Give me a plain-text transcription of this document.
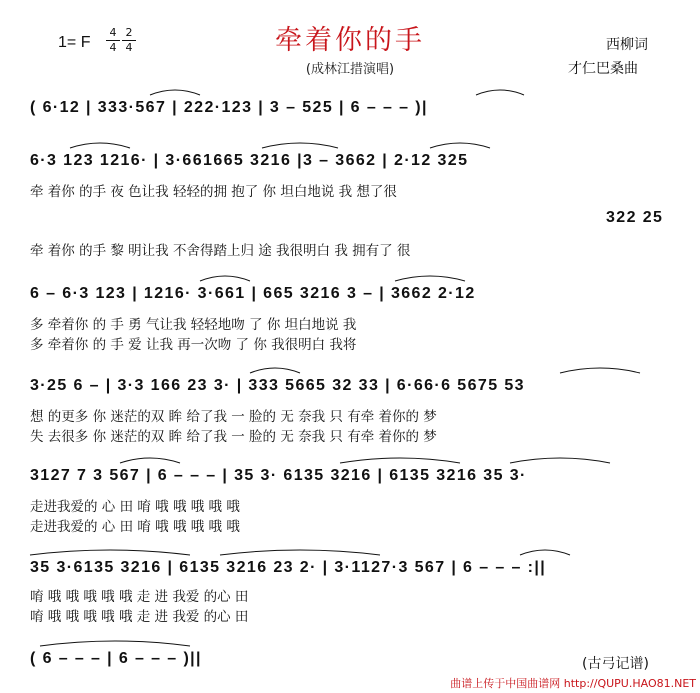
牵着你的手
(成林江措演唱)
1= F
4
4
2
4	西柳词
才仁巴桑曲
( 6·12 | 333·567 | 222·123 | 3 – 525 | 6 – – – )|
6·3 123 1216· | 3·661665 3216 |3 – 3662 | 2·12 325
牵 着你 的手 夜 色让我 轻轻的拥 抱了 你 坦白地说 我 想了很
322 25
牵 着你 的手 黎 明让我 不舍得踏上归 途 我很明白 我 拥有了 很
6 – 6·3 123 | 1216· 3·661 | 665 3216 3 – | 3662 2·12
多 牵着你 的 手 勇 气让我 轻轻地吻 了 你 坦白地说 我
多 牵着你 的 手 爱 让我 再一次吻 了 你 我很明白 我将
3·25 6 – | 3·3 166 23 3· | 333 5665 32 33 | 6·66·6 5675 53
想 的更多 你 迷茫的双 眸 给了我 一 脸的 无 奈我 只 有牵 着你的 梦
失 去很多 你 迷茫的双 眸 给了我 一 脸的 无 奈我 只 有牵 着你的 梦
3127 7 3 567 | 6 – – – | 35 3· 6135 3216 | 6135 3216 35 3·
走进我爱的 心 田 唷 哦 哦 哦 哦 哦
走进我爱的 心 田 唷 哦 哦 哦 哦 哦
35 3·6135 3216 | 6135 3216 23 2· | 3·1127·3 567 | 6 – – – :||
唷 哦 哦 哦 哦 哦 走 进 我爱 的心 田
唷 哦 哦 哦 哦 哦 走 进 我爱 的心 田
( 6 – – – | 6 – – – )||	(古弓记谱)
曲谱上传于中国曲谱网 http://QUPU.HAO81.NET
